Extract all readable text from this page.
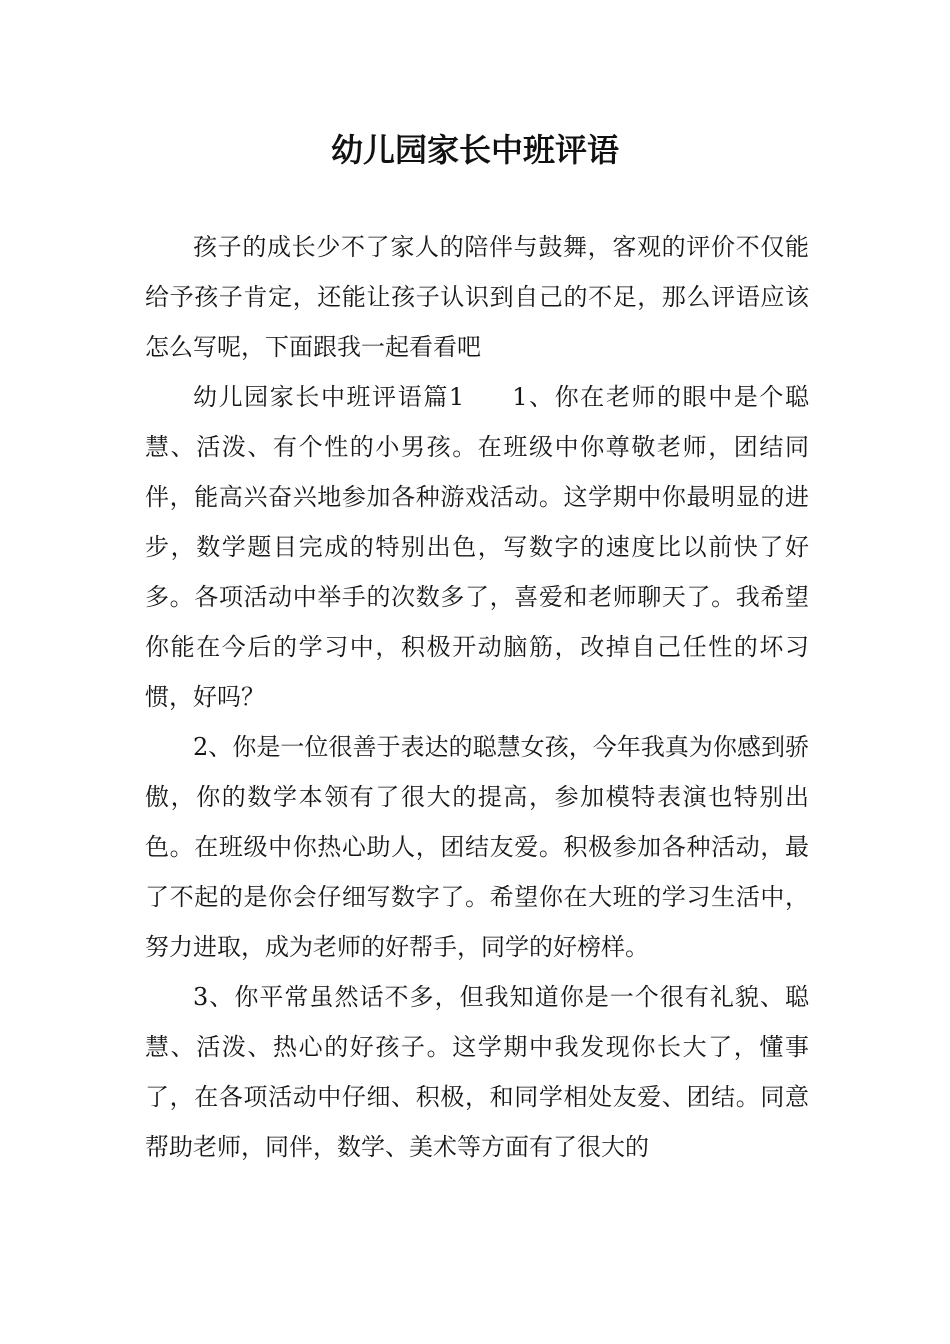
幼儿园家长中班评语

孩子的成长少不了家人的陪伴与鼓舞，客观的评价不仅能给予孩子肯定，还能让孩子认识到自己的不足，那么评语应该怎么写呢，下面跟我一起看看吧

幼儿园家长中班评语篇1 1、你在老师的眼中是个聪慧、活泼、有个性的小男孩。在班级中你尊敬老师，团结同伴，能高兴奋兴地参加各种游戏活动。这学期中你最明显的进步，数学题目完成的特别出色，写数字的速度比以前快了好多。各项活动中举手的次数多了，喜爱和老师聊天了。我希望你能在今后的学习中，积极开动脑筋，改掉自己任性的坏习惯，好吗？

2、你是一位很善于表达的聪慧女孩，今年我真为你感到骄傲，你的数学本领有了很大的提高，参加模特表演也特别出色。在班级中你热心助人，团结友爱。积极参加各种活动，最了不起的是你会仔细写数字了。希望你在大班的学习生活中，努力进取，成为老师的好帮手，同学的好榜样。

3、你平常虽然话不多，但我知道你是一个很有礼貌、聪慧、活泼、热心的好孩子。这学期中我发现你长大了，懂事了，在各项活动中仔细、积极，和同学相处友爱、团结。同意帮助老师，同伴，数学、美术等方面有了很大的
